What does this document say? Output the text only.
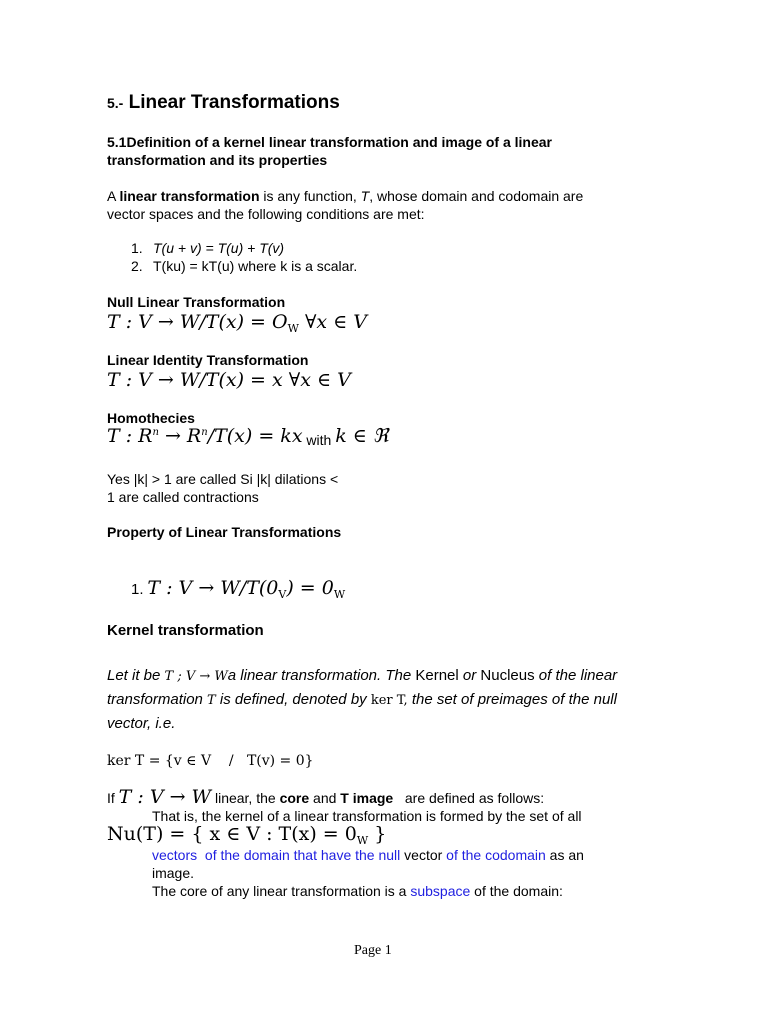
5.- Linear Transformations
5.1Definition of a kernel linear transformation and image of a linear
transformation and its properties
A linear transformation is any function, T, whose domain and codomain are
vector spaces and the following conditions are met:
1. T(u + v) = T(u) + T(v)
2. T(ku) = kT(u) where k is a scalar.
Null Linear Transformation
T : $V \to W/T(x) = O_W$ ∀x ∈ V
Linear Identity Transformation
T : V → W/T(x) = x ∀x ∈ V
Homothecies
T : $R^n \to R^n/T(x)$ = kx with k ∈ ℜ
Yes |k| > 1 are called Si |k| dilations <
1 are called contractions
Property of Linear Transformations
1. T : $V \to W/T(0_V) = 0_W$
Kernel transformation
Let it be T ; V → Wa linear transformation. The Kernel or Nucleus of the linear
transformation T is defined, denoted by ker T, the set of preimages of the null
vector, i.e.
ker T = {v ∈ V    /   T(v) = 0}
If T : V → W linear, the core and T image   are defined as follows:
That is, the kernel of a linear transformation is formed by the set of all
Nu(T) = { x ∈ V : $T(x) = 0_W$ }
vectors  of the domain that have the null vector of the codomain as an
image.
The core of any linear transformation is a subspace of the domain:
Page 1
